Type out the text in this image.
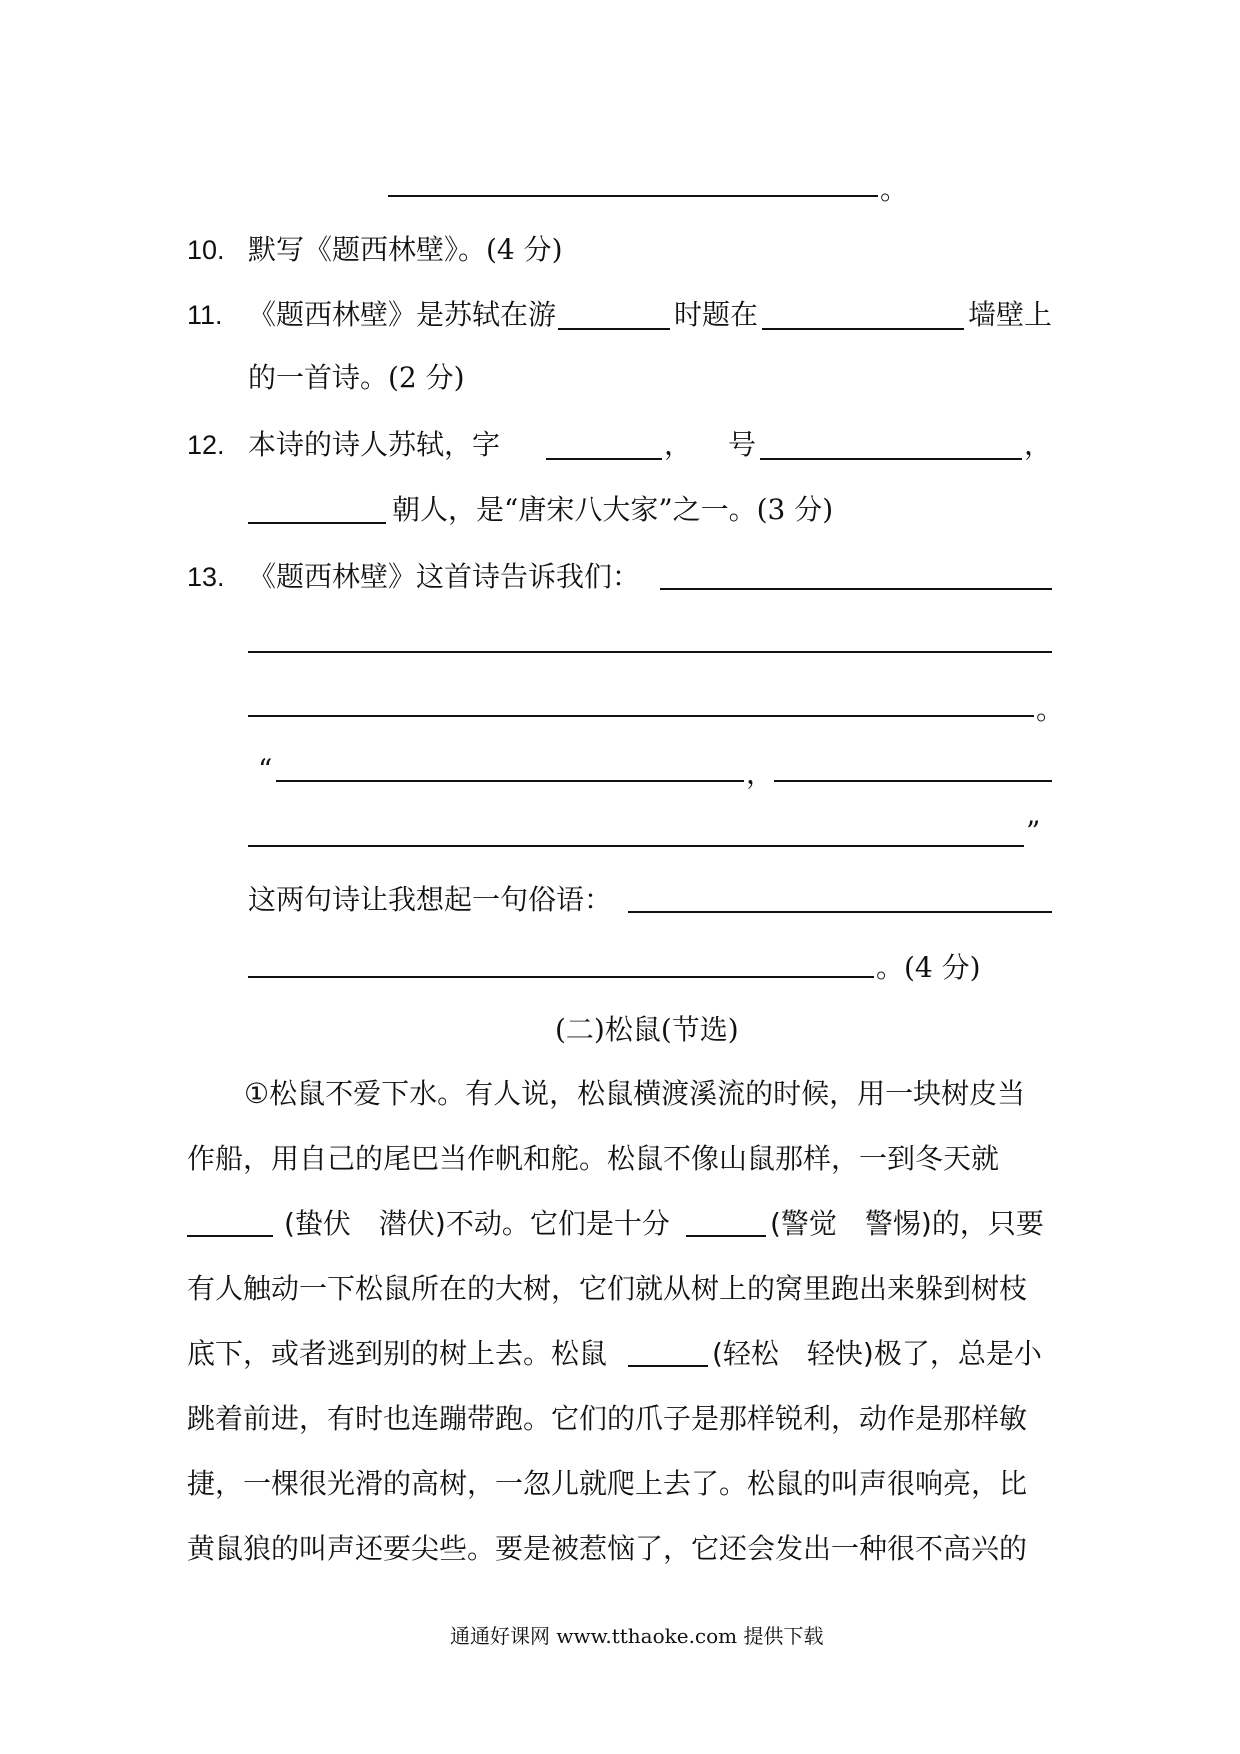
。
10. 默写《题西林壁》。(4 分)
11. 《题西林壁》是苏轼在游	时题在	墙壁上
的一首诗。(2 分)
12. 本诗的诗人苏轼，字	， 号	，
朝人，是“唐宋八大家”之一。(3 分)
13. 《题西林壁》这首诗告诉我们：
。
“	，
”
这两句诗让我想起一句俗语：
。(4 分)
(二)松鼠(节选)
①松鼠不爱下水。有人说，松鼠横渡溪流的时候，用一块树皮当
作船，用自己的尾巴当作帆和舵。松鼠不像山鼠那样，一到冬天就
(蛰伏　潜伏)不动。它们是十分	(警觉　警惕)的，只要
有人触动一下松鼠所在的大树，它们就从树上的窝里跑出来躲到树枝
底下，或者逃到别的树上去。松鼠	(轻松　轻快)极了，总是小
跳着前进，有时也连蹦带跑。它们的爪子是那样锐利，动作是那样敏
捷，一棵很光滑的高树，一忽儿就爬上去了。松鼠的叫声很响亮，比
黄鼠狼的叫声还要尖些。要是被惹恼了，它还会发出一种很不高兴的
通通好课网 www.tthaoke.com 提供下载
